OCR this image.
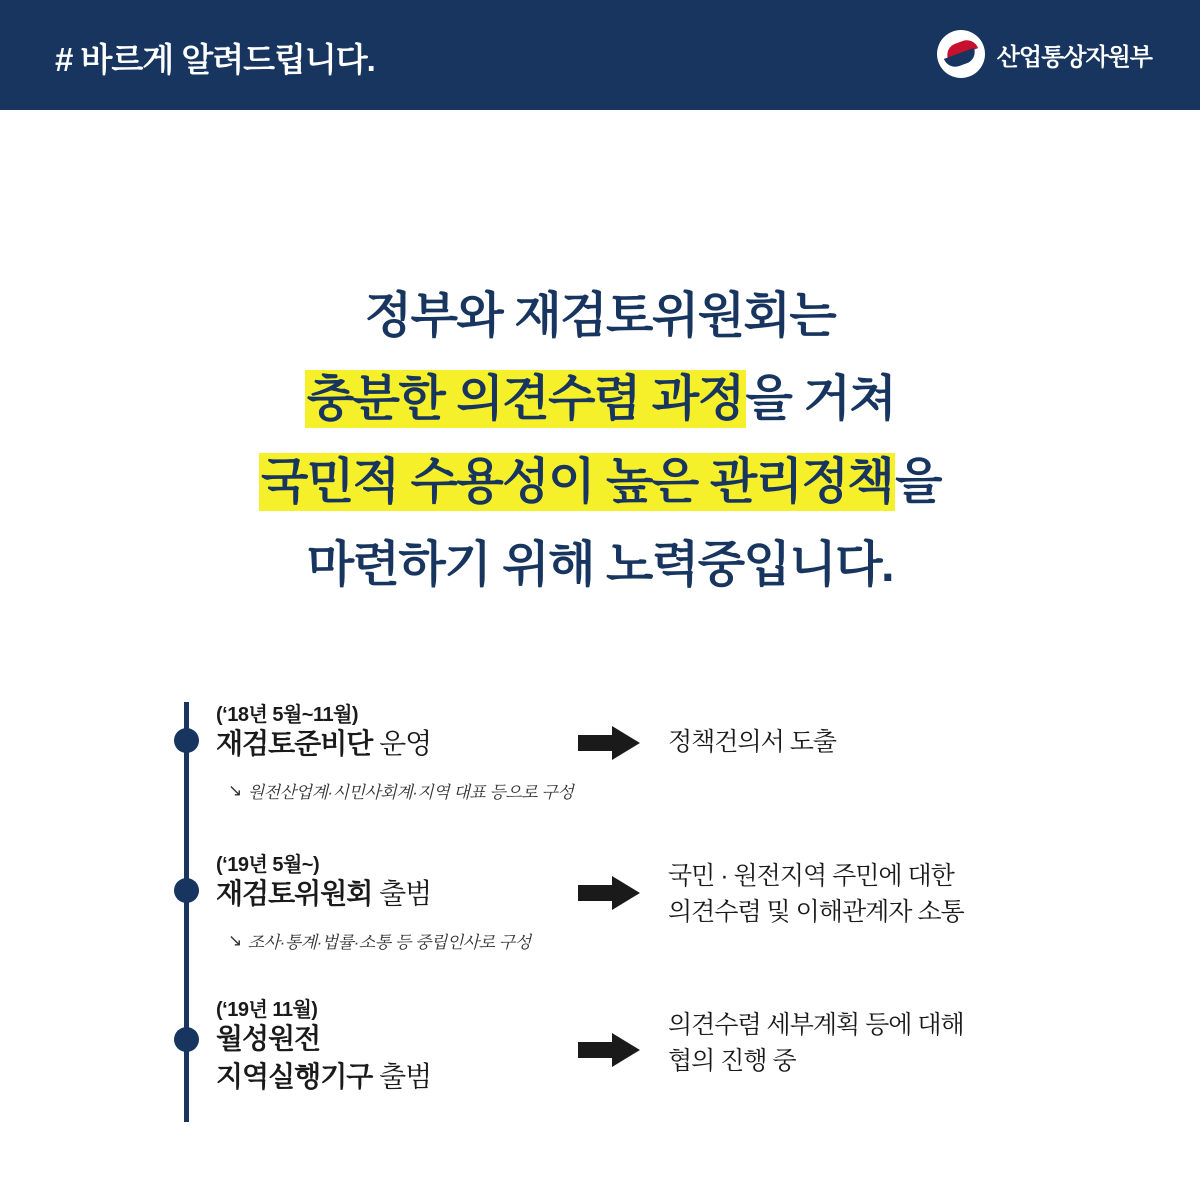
# 바르게 알려드립니다.	산업통상자원부
정부와 재검토위원회는
충분한 의견수렴 과정을 거쳐
국민적 수용성이 높은 관리정책을
마련하기 위해 노력중입니다.
(‘18년 5월~11월)
재검토준비단 운영
↘ 원전산업계·시민사회계·지역 대표 등으로 구성
정책건의서 도출
(‘19년 5월~)
재검토위원회 출범
↘ 조사·통계·법률·소통 등 중립인사로 구성
국민 · 원전지역 주민에 대한
의견수렴 및 이해관계자 소통
(‘19년 11월)
월성원전
지역실행기구 출범
의견수렴 세부계획 등에 대해
협의 진행 중
